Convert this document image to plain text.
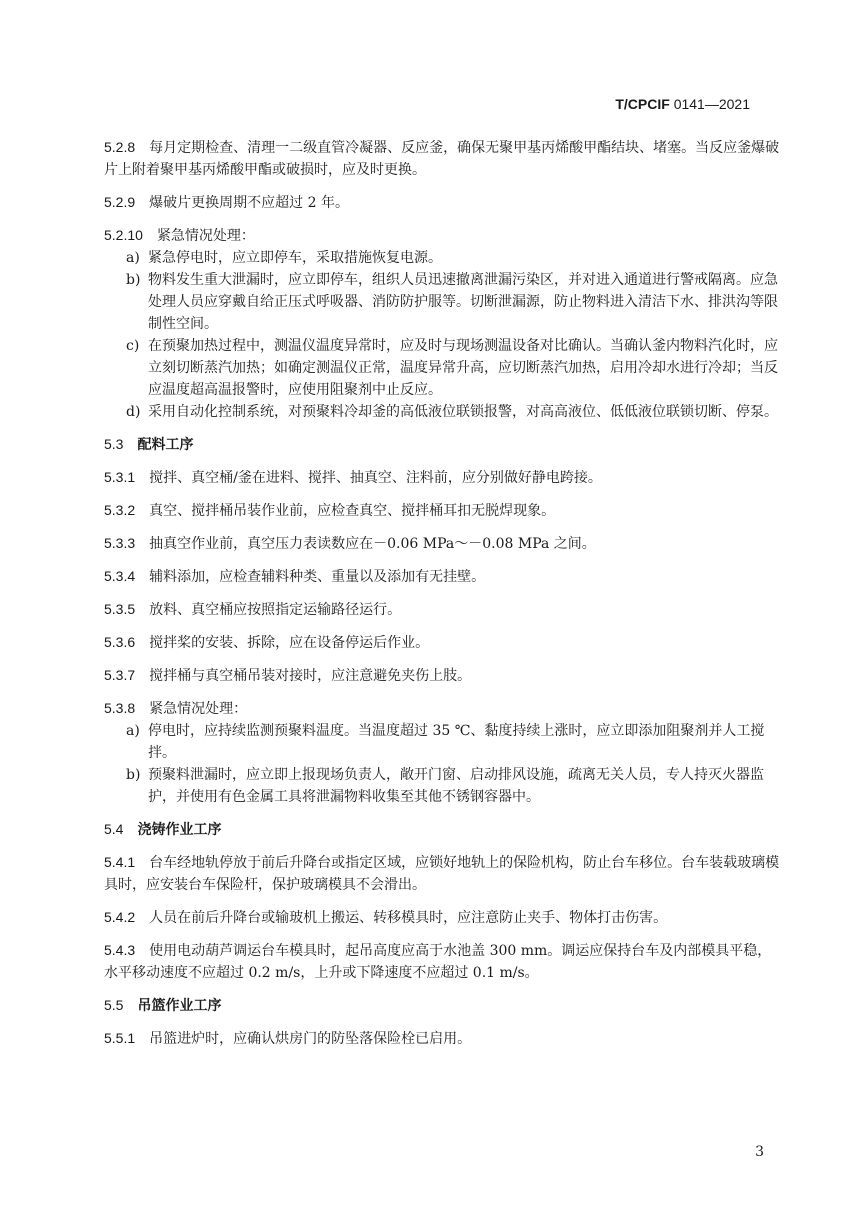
T/CPCIF 0141—2021
5.2.8 每月定期检查、清理一二级直管冷凝器、反应釜，确保无聚甲基丙烯酸甲酯结块、堵塞。当反应釜爆破片上附着聚甲基丙烯酸甲酯或破损时，应及时更换。
5.2.9 爆破片更换周期不应超过 2 年。
5.2.10 紧急情况处理：
a) 紧急停电时，应立即停车，采取措施恢复电源。
b) 物料发生重大泄漏时，应立即停车，组织人员迅速撤离泄漏污染区，并对进入通道进行警戒隔离。应急处理人员应穿戴自给正压式呼吸器、消防防护服等。切断泄漏源，防止物料进入清洁下水、排洪沟等限制性空间。
c) 在预聚加热过程中，测温仪温度异常时，应及时与现场测温设备对比确认。当确认釜内物料汽化时，应立刻切断蒸汽加热；如确定测温仪正常，温度异常升高，应切断蒸汽加热，启用冷却水进行冷却；当反应温度超高温报警时，应使用阻聚剂中止反应。
d) 采用自动化控制系统，对预聚料冷却釜的高低液位联锁报警，对高高液位、低低液位联锁切断、停泵。
5.3 配料工序
5.3.1 搅拌、真空桶/釜在进料、搅拌、抽真空、注料前，应分别做好静电跨接。
5.3.2 真空、搅拌桶吊装作业前，应检查真空、搅拌桶耳扣无脱焊现象。
5.3.3 抽真空作业前，真空压力表读数应在－0.06 MPa～－0.08 MPa 之间。
5.3.4 辅料添加，应检查辅料种类、重量以及添加有无挂壁。
5.3.5 放料、真空桶应按照指定运输路径运行。
5.3.6 搅拌桨的安装、拆除，应在设备停运后作业。
5.3.7 搅拌桶与真空桶吊装对接时，应注意避免夹伤上肢。
5.3.8 紧急情况处理：
a) 停电时，应持续监测预聚料温度。当温度超过 35 ℃、黏度持续上涨时，应立即添加阻聚剂并人工搅拌。
b) 预聚料泄漏时，应立即上报现场负责人，敞开门窗、启动排风设施，疏离无关人员，专人持灭火器监护，并使用有色金属工具将泄漏物料收集至其他不锈钢容器中。
5.4 浇铸作业工序
5.4.1 台车经地轨停放于前后升降台或指定区域，应锁好地轨上的保险机构，防止台车移位。台车装载玻璃模具时，应安装台车保险杆，保护玻璃模具不会滑出。
5.4.2 人员在前后升降台或输玻机上搬运、转移模具时，应注意防止夹手、物体打击伤害。
5.4.3 使用电动葫芦调运台车模具时，起吊高度应高于水池盖 300 mm。调运应保持台车及内部模具平稳，水平移动速度不应超过 0.2 m/s，上升或下降速度不应超过 0.1 m/s。
5.5 吊篮作业工序
5.5.1 吊篮进炉时，应确认烘房门的防坠落保险栓已启用。
3
